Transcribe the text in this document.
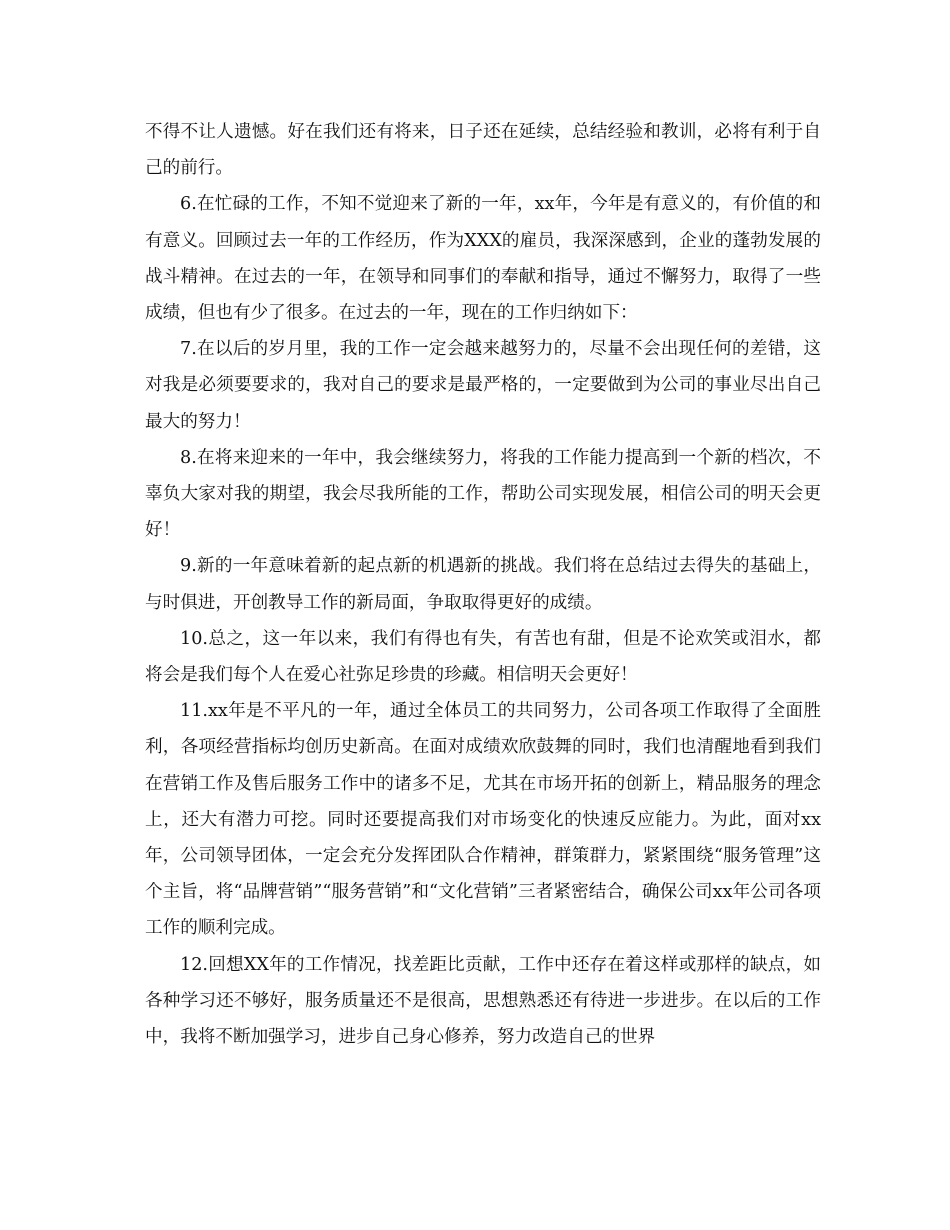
不得不让人遗憾。好在我们还有将来，日子还在延续，总结经验和教训，必将有利于自己的前行。

6.在忙碌的工作，不知不觉迎来了新的一年，xx年，今年是有意义的，有价值的和有意义。回顾过去一年的工作经历，作为XXX的雇员，我深深感到，企业的蓬勃发展的战斗精神。在过去的一年，在领导和同事们的奉献和指导，通过不懈努力，取得了一些成绩，但也有少了很多。在过去的一年，现在的工作归纳如下：

7.在以后的岁月里，我的工作一定会越来越努力的，尽量不会出现任何的差错，这对我是必须要要求的，我对自己的要求是最严格的，一定要做到为公司的事业尽出自己最大的努力！

8.在将来迎来的一年中，我会继续努力，将我的工作能力提高到一个新的档次，不辜负大家对我的期望，我会尽我所能的工作，帮助公司实现发展，相信公司的明天会更好！

9.新的一年意味着新的起点新的机遇新的挑战。我们将在总结过去得失的基础上，与时俱进，开创教导工作的新局面，争取取得更好的成绩。

10.总之，这一年以来，我们有得也有失，有苦也有甜，但是不论欢笑或泪水，都将会是我们每个人在爱心社弥足珍贵的珍藏。相信明天会更好！

11.xx年是不平凡的一年，通过全体员工的共同努力，公司各项工作取得了全面胜利，各项经营指标均创历史新高。在面对成绩欢欣鼓舞的同时，我们也清醒地看到我们在营销工作及售后服务工作中的诸多不足，尤其在市场开拓的创新上，精品服务的理念上，还大有潜力可挖。同时还要提高我们对市场变化的快速反应能力。为此，面对xx年，公司领导团体，一定会充分发挥团队合作精神，群策群力，紧紧围绕“服务管理”这个主旨，将“品牌营销”“服务营销”和“文化营销”三者紧密结合，确保公司xx年公司各项工作的顺利完成。

12.回想XX年的工作情况，找差距比贡献，工作中还存在着这样或那样的缺点，如各种学习还不够好，服务质量还不是很高，思想熟悉还有待进一步进步。在以后的工作中，我将不断加强学习，进步自己身心修养，努力改造自己的世界
